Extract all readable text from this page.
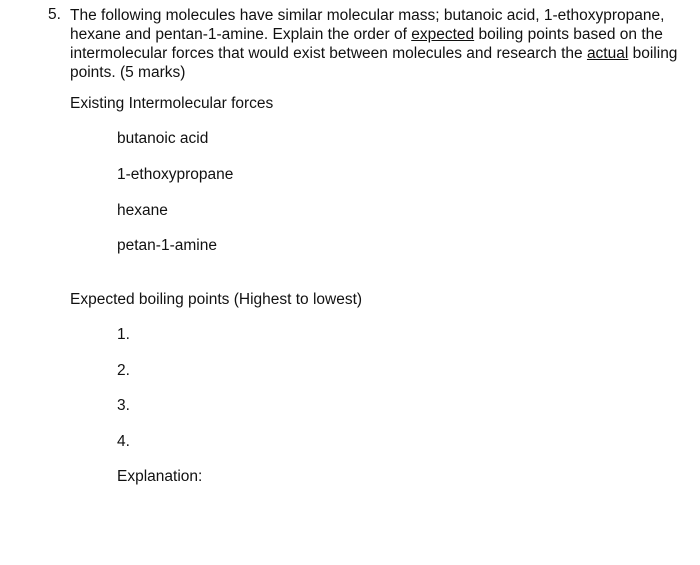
5. The following molecules have similar molecular mass; butanoic acid, 1-ethoxypropane, hexane and pentan-1-amine. Explain the order of expected boiling points based on the intermolecular forces that would exist between molecules and research the actual boiling points. (5 marks)
Existing Intermolecular forces
butanoic acid
1-ethoxypropane
hexane
petan-1-amine
Expected boiling points (Highest to lowest)
1.
2.
3.
4.
Explanation:
